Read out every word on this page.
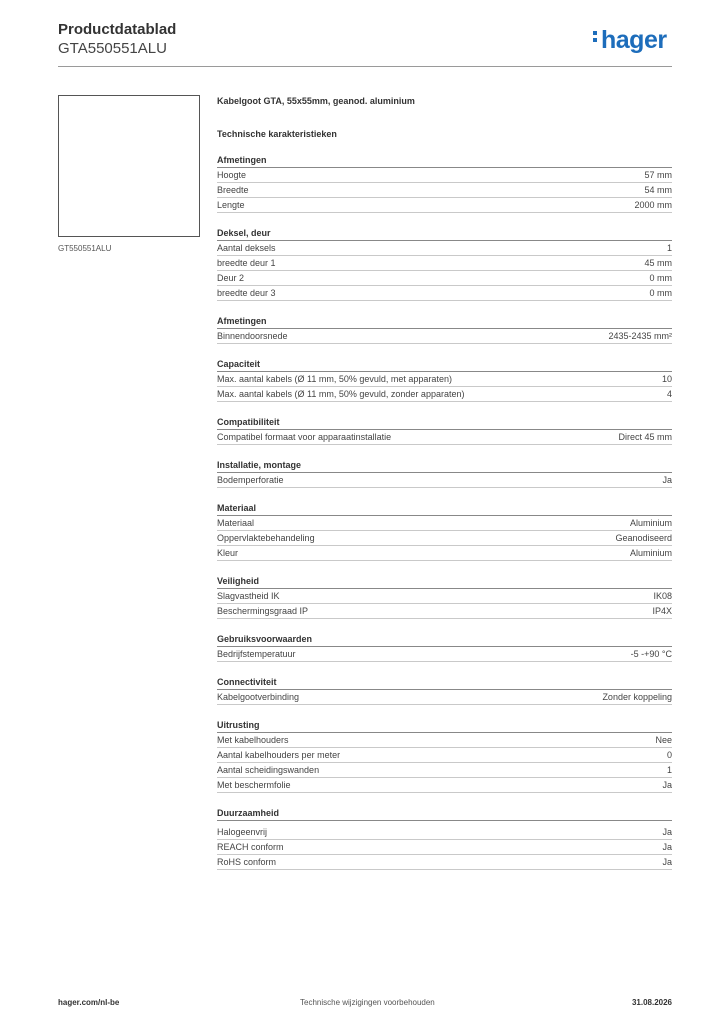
Productdatablad
GTA550551ALU	hager
GT550551ALU
Kabelgoot GTA, 55x55mm, geanod. aluminium
Technische karakteristieken
Afmetingen
Hoogte	57 mm
Breedte	54 mm
Lengte	2000 mm
Deksel, deur
Aantal deksels	1
breedte deur 1	45 mm
Deur 2	0 mm
breedte deur 3	0 mm
Afmetingen
Binnendoorsnede	2435-2435 mm²
Capaciteit
Max. aantal kabels (Ø 11 mm, 50% gevuld, met apparaten)	10
Max. aantal kabels (Ø 11 mm, 50% gevuld, zonder apparaten)	4
Compatibiliteit
Compatibel formaat voor apparaatinstallatie	Direct 45 mm
Installatie, montage
Bodemperforatie	Ja
Materiaal
Materiaal	Aluminium
Oppervlaktebehandeling	Geanodiseerd
Kleur	Aluminium
Veiligheid
Slagvastheid IK	IK08
Beschermingsgraad IP	IP4X
Gebruiksvoorwaarden
Bedrijfstemperatuur	-5 -+90 °C
Connectiviteit
Kabelgootverbinding	Zonder koppeling
Uitrusting
Met kabelhouders	Nee
Aantal kabelhouders per meter	0
Aantal scheidingswanden	1
Met beschermfolie	Ja
Duurzaamheid
Halogeenvrij	Ja
REACH conform	Ja
RoHS conform	Ja
hager.com/nl-be	Technische wijzigingen voorbehouden	31.08.2026
